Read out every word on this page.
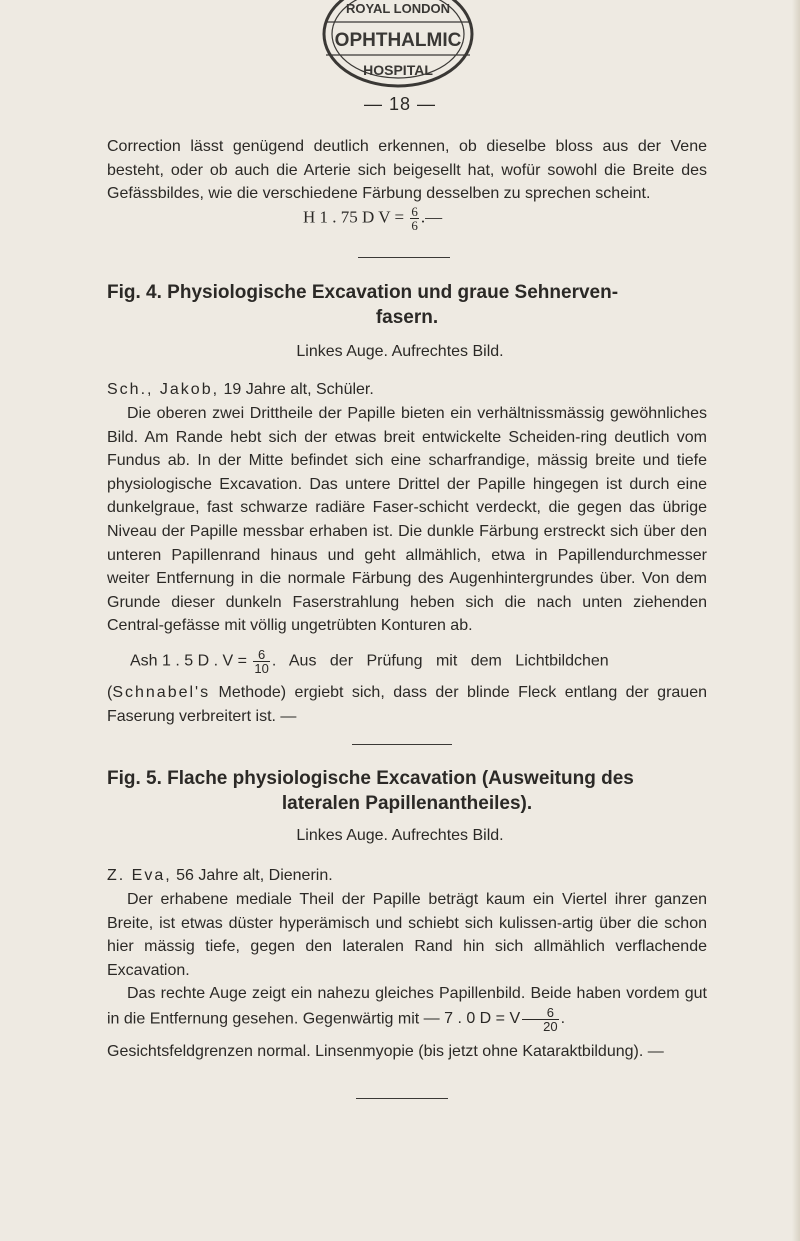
ROYAL LONDON
OPHTHALMIC
HOSPITAL
— 18 —

Correction lässt genügend deutlich erkennen, ob dieselbe bloss aus der Vene besteht, oder ob auch die Arterie sich beigesellt hat, wofür sowohl die Breite des Gefässbildes, wie die verschiedene Färbung desselben zu sprechen scheint.

H 1 . 75 D $V = \frac{6}{6}$ .—
Fig. 4. Physiologische Excavation und graue Sehnerven-
fasern.
Linkes Auge. Aufrechtes Bild.

Sch., Jakob, 19 Jahre alt, Schüler.

Die oberen zwei Drittheile der Papille bieten ein verhältnissmässig gewöhnliches Bild. Am Rande hebt sich der etwas breit entwickelte Scheiden-ring deutlich vom Fundus ab. In der Mitte befindet sich eine scharfrandige, mässig breite und tiefe physiologische Excavation. Das untere Drittel der Papille hingegen ist durch eine dunkelgraue, fast schwarze radiäre Faser-schicht verdeckt, die gegen das übrige Niveau der Papille messbar erhaben ist. Die dunkle Färbung erstreckt sich über den unteren Papillenrand hinaus und geht allmählich, etwa in Papillendurchmesser weiter Entfernung in die normale Färbung des Augenhintergrundes über. Von dem Grunde dieser dunkeln Faserstrahlung heben sich die nach unten ziehenden Central-gefässe mit völlig ungetrübten Konturen ab.

Ash 1 . 5 D . $V = \frac{6}{10}$ . Aus der Prüfung mit dem Lichtbildchen

(Schnabel's Methode) ergiebt sich, dass der blinde Fleck entlang der grauen Faserung verbreitert ist. —

Fig. 5. Flache physiologische Excavation (Ausweitung des
lateralen Papillenantheiles).
Linkes Auge. Aufrechtes Bild.

Z. Eva, 56 Jahre alt, Dienerin.

Der erhabene mediale Theil der Papille beträgt kaum ein Viertel ihrer ganzen Breite, ist etwas düster hyperämisch und schiebt sich kulissen-artig über die schon hier mässig tiefe, gegen den lateralen Rand hin sich allmählich verflachende Excavation.

Das rechte Auge zeigt ein nahezu gleiches Papillenbild. Beide haben vordem gut in die Entfernung gesehen. Gegenwärtig mit — 7 . 0 D = V $\frac{6}{20}$ .

Gesichtsfeldgrenzen normal. Linsenmyopie (bis jetzt ohne Kataraktbildung). —
